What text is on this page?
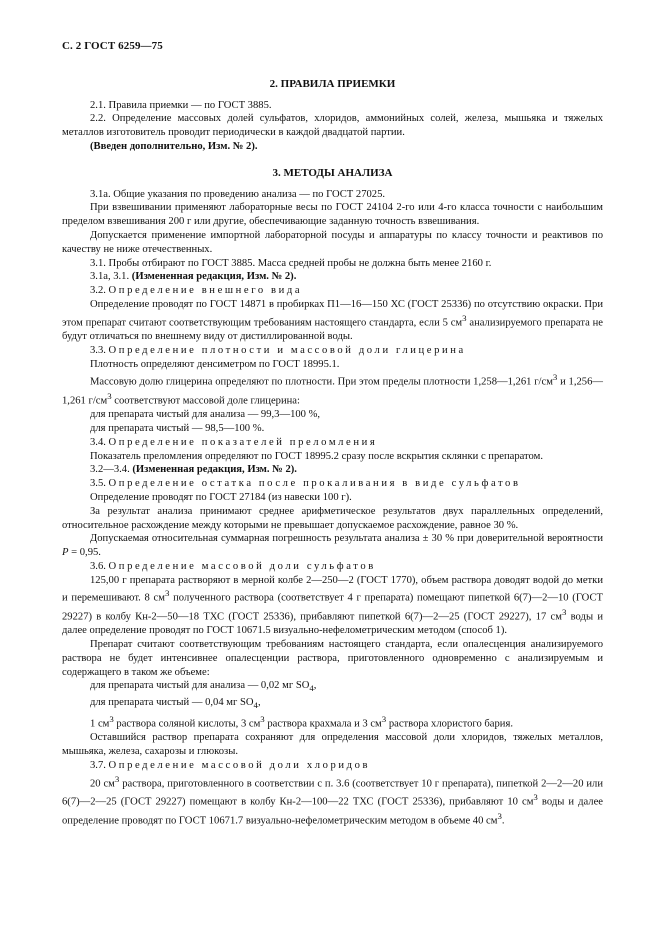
С. 2 ГОСТ 6259—75
2. ПРАВИЛА ПРИЕМКИ

2.1. Правила приемки — по ГОСТ 3885.

2.2. Определение массовых долей сульфатов, хлоридов, аммонийных солей, железа, мышьяка и тяжелых металлов изготовитель проводит периодически в каждой двадцатой партии.

(Введен дополнительно, Изм. № 2).

3. МЕТОДЫ АНАЛИЗА

3.1а. Общие указания по проведению анализа — по ГОСТ 27025.

При взвешивании применяют лабораторные весы по ГОСТ 24104 2-го или 4-го класса точности с наибольшим пределом взвешивания 200 г или другие, обеспечивающие заданную точность взвешивания.

Допускается применение импортной лабораторной посуды и аппаратуры по классу точности и реактивов по качеству не ниже отечественных.

3.1. Пробы отбирают по ГОСТ 3885. Масса средней пробы не должна быть менее 2160 г.

3.1а, 3.1. (Измененная редакция, Изм. № 2).

3.2. Определение внешнего вида

Определение проводят по ГОСТ 14871 в пробирках П1—16—150 ХС (ГОСТ 25336) по отсутствию окраски. При этом препарат считают соответствующим требованиям настоящего стандарта, если 5 $см^3$ анализируемого препарата не будут отличаться по внешнему виду от дистиллированной воды.

3.3. Определение плотности и массовой доли глицерина

Плотность определяют денсиметром по ГОСТ 18995.1.

Массовую долю глицерина определяют по плотности. При этом пределы плотности 1,258—1,261 $г/см^3$ и 1,256—1,261 $г/см^3$ соответствуют массовой доле глицерина:

для препарата чистый для анализа — 99,3—100 %,

для препарата чистый — 98,5—100 %.

3.4. Определение показателей преломления

Показатель преломления определяют по ГОСТ 18995.2 сразу после вскрытия склянки с препаратом.

3.2—3.4. (Измененная редакция, Изм. № 2).

3.5. Определение остатка после прокаливания в виде сульфатов

Определение проводят по ГОСТ 27184 (из навески 100 г).

За результат анализа принимают среднее арифметическое результатов двух параллельных определений, относительное расхождение между которыми не превышает допускаемое расхождение, равное 30 %.

Допускаемая относительная суммарная погрешность результата анализа ± 30 % при доверительной вероятности P = 0,95.

3.6. Определение массовой доли сульфатов

125,00 г препарата растворяют в мерной колбе 2—250—2 (ГОСТ 1770), объем раствора доводят водой до метки и перемешивают. 8 $см^3$ полученного раствора (соответствует 4 г препарата) помещают пипеткой 6(7)—2—10 (ГОСТ 29227) в колбу Кн-2—50—18 ТХС (ГОСТ 25336), прибавляют пипеткой 6(7)—2—25 (ГОСТ 29227), 17 $см^3$ воды и далее определение проводят по ГОСТ 10671.5 визуально-нефелометрическим методом (способ 1).

Препарат считают соответствующим требованиям настоящего стандарта, если опалесценция анализируемого раствора не будет интенсивнее опалесценции раствора, приготовленного одновременно с анализируемым и содержащего в таком же объеме:

для препарата чистый для анализа — 0,02 мг $SO_4$,

для препарата чистый — 0,04 мг $SO_4$,

1 $см^3$ раствора соляной кислоты, 3 $см^3$ раствора крахмала и 3 $см^3$ раствора хлористого бария.

Оставшийся раствор препарата сохраняют для определения массовой доли хлоридов, тяжелых металлов, мышьяка, железа, сахарозы и глюкозы.

3.7. Определение массовой доли хлоридов

20 $см^3$ раствора, приготовленного в соответствии с п. 3.6 (соответствует 10 г препарата), пипеткой 2—2—20 или 6(7)—2—25 (ГОСТ 29227) помещают в колбу Кн-2—100—22 ТХС (ГОСТ 25336), прибавляют 10 $см^3$ воды и далее определение проводят по ГОСТ 10671.7 визуально-нефелометрическим методом в объеме 40 $см^3$.
